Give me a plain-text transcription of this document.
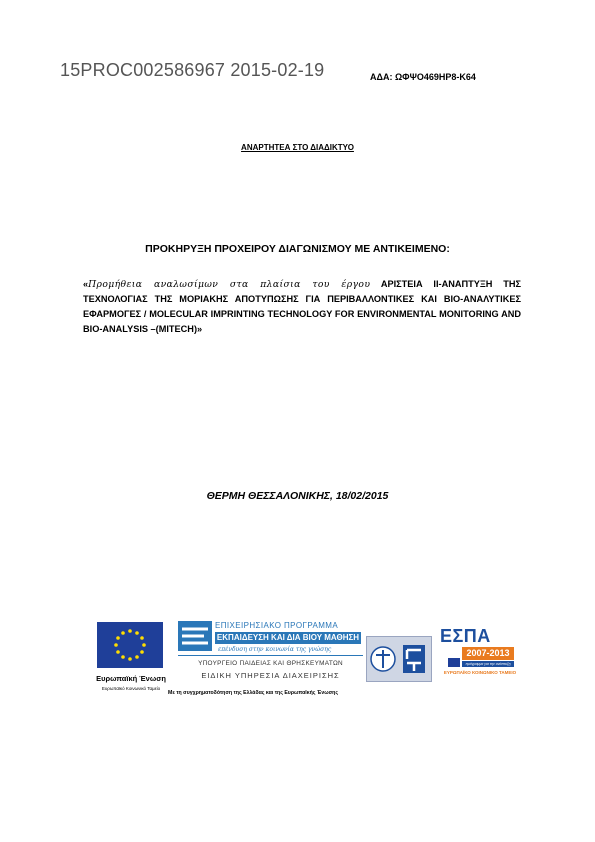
15PROC002586967 2015-02-19	ΑΔΑ: ΩΦΨΟ469ΗΡ8-Κ64
ΑΝΑΡΤΗΤΕΑ ΣΤΟ ΔΙΑΔΙΚΤΥΟ
ΠΡΟΚΗΡΥΞΗ ΠΡΟΧΕΙΡΟΥ ΔΙΑΓΩΝΙΣΜΟΥ ΜΕ ΑΝΤΙΚΕΙΜΕΝΟ:
«Προμήθεια αναλωσίμων στα πλαίσια του έργου ΑΡΙΣΤΕΙΑ ΙΙ-ΑΝΑΠΤΥΞΗ ΤΗΣ ΤΕΧΝΟΛΟΓΙΑΣ ΤΗΣ ΜΟΡΙΑΚΗΣ ΑΠΟΤΥΠΩΣΗΣ ΓΙΑ ΠΕΡΙΒΑΛΛΟΝΤΙΚΕΣ ΚΑΙ ΒΙΟ-ΑΝΑΛΥΤΙΚΕΣ ΕΦΑΡΜΟΓΕΣ / MOLECULAR IMPRINTING TECHNOLOGY FOR ENVIRONMENTAL MONITORING AND BIO-ANALYSIS –(MITECH)»
ΘΕΡΜΗ ΘΕΣΣΑΛΟΝΙΚΗΣ, 18/02/2015
Ευρωπαϊκή Ένωση
Ευρωπαϊκό Κοινωνικό Ταμείο
ΕΠΙΧΕΙΡΗΣΙΑΚΟ ΠΡΟΓΡΑΜΜΑ
ΕΚΠΑΙΔΕΥΣΗ ΚΑΙ ΔΙΑ ΒΙΟΥ ΜΑΘΗΣΗ
επένδυση στην κοινωνία της γνώσης
ΥΠΟΥΡΓΕΙΟ ΠΑΙΔΕΙΑΣ ΚΑΙ ΘΡΗΣΚΕΥΜΑΤΩΝ
ΕΙΔΙΚΗ ΥΠΗΡΕΣΙΑ ΔΙΑΧΕΙΡΙΣΗΣ
Με τη συγχρηματοδότηση της Ελλάδας και της Ευρωπαϊκής Ένωσης
ΕΣΠΑ
2007-2013
πρόγραμμα για την ανάπτυξη
ΕΥΡΩΠΑΪΚΟ ΚΟΙΝΩΝΙΚΟ ΤΑΜΕΙΟ
